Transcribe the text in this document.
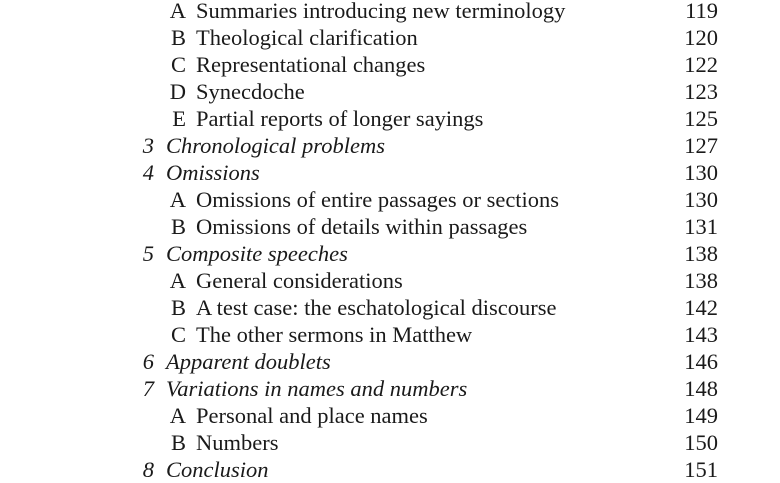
A Summaries introducing new terminology	119
B Theological clarification	120
C Representational changes	122
D Synecdoche	123
E Partial reports of longer sayings	125
3 Chronological problems	127
4 Omissions	130
A Omissions of entire passages or sections	130
B Omissions of details within passages	131
5 Composite speeches	138
A General considerations	138
B A test case: the eschatological discourse	142
C The other sermons in Matthew	143
6 Apparent doublets	146
7 Variations in names and numbers	148
A Personal and place names	149
B Numbers	150
8 Conclusion	151
